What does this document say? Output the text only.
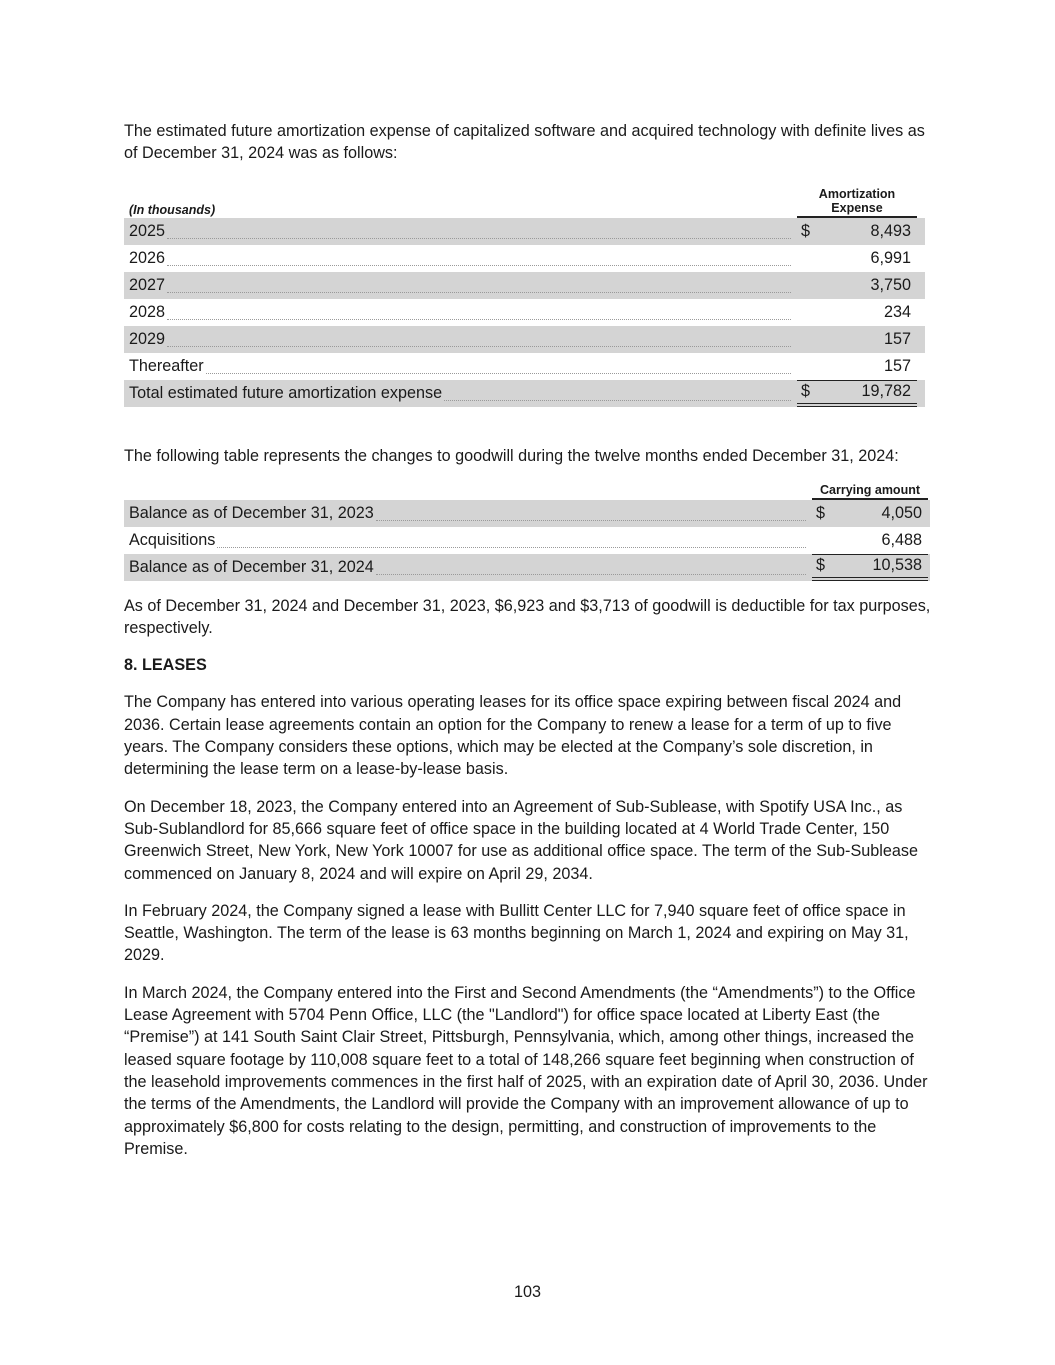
The estimated future amortization expense of capitalized software and acquired technology with definite lives as of December 31, 2024 was as follows:

(In thousands)
Amortization
Expense
2025	$	8,493
2026	6,991
2027	3,750
2028	234
2029	157
Thereafter	157
Total estimated future amortization expense	$	19,782

The following table represents the changes to goodwill during the twelve months ended December 31, 2024:

Carrying amount
Balance as of December 31, 2023	$	4,050
Acquisitions	6,488
Balance as of December 31, 2024	$	10,538

As of December 31, 2024 and December 31, 2023, $6,923 and $3,713 of goodwill is deductible for tax purposes, respectively.

8. LEASES

The Company has entered into various operating leases for its office space expiring between fiscal 2024 and 2036. Certain lease agreements contain an option for the Company to renew a lease for a term of up to five years. The Company considers these options, which may be elected at the Company’s sole discretion, in determining the lease term on a lease-by-lease basis.

On December 18, 2023, the Company entered into an Agreement of Sub-Sublease, with Spotify USA Inc., as Sub-Sublandlord for 85,666 square feet of office space in the building located at 4 World Trade Center, 150 Greenwich Street, New York, New York 10007 for use as additional office space. The term of the Sub-Sublease commenced on January 8, 2024 and will expire on April 29, 2034.

In February 2024, the Company signed a lease with Bullitt Center LLC for 7,940 square feet of office space in Seattle, Washington. The term of the lease is 63 months beginning on March 1, 2024 and expiring on May 31, 2029.

In March 2024, the Company entered into the First and Second Amendments (the “Amendments”) to the Office Lease Agreement with 5704 Penn Office, LLC (the "Landlord") for office space located at Liberty East (the “Premise”) at 141 South Saint Clair Street, Pittsburgh, Pennsylvania, which, among other things, increased the leased square footage by 110,008 square feet to a total of 148,266 square feet beginning when construction of the leasehold improvements commences in the first half of 2025, with an expiration date of April 30, 2036. Under the terms of the Amendments, the Landlord will provide the Company with an improvement allowance of up to approximately $6,800 for costs relating to the design, permitting, and construction of improvements to the Premise.

103
